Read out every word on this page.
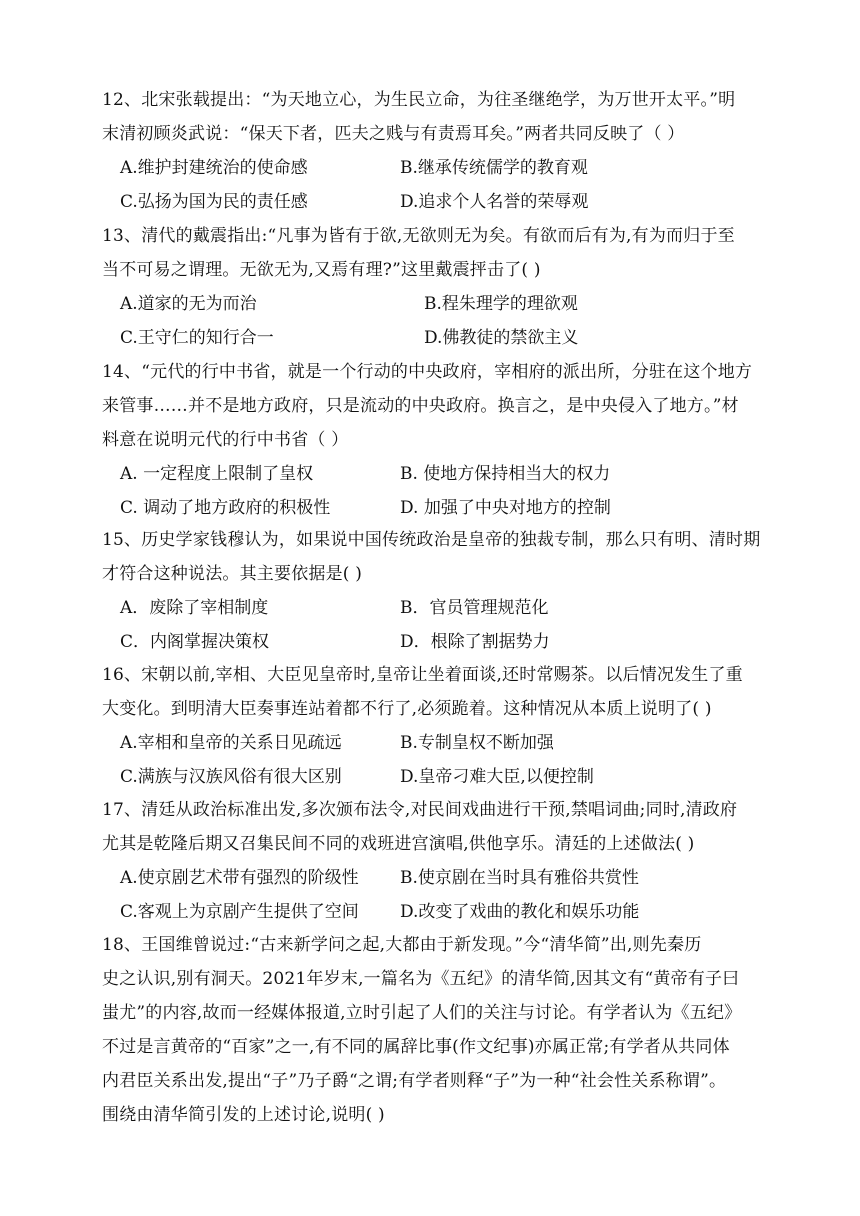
12、北宋张载提出：“为天地立心，为生民立命，为往圣继绝学，为万世开太平。”明
末清初顾炎武说：“保天下者，匹夫之贱与有责焉耳矣。”两者共同反映了（ ）
A.维护封建统治的使命感	B.继承传统儒学的教育观
C.弘扬为国为民的责任感	D.追求个人名誉的荣辱观
13、清代的戴震指出:“凡事为皆有于欲,无欲则无为矣。有欲而后有为,有为而归于至
当不可易之谓理。无欲无为,又焉有理?”这里戴震抨击了( )
A.道家的无为而治	B.程朱理学的理欲观
C.王守仁的知行合一	D.佛教徒的禁欲主义
14、“元代的行中书省，就是一个行动的中央政府，宰相府的派出所，分驻在这个地方
来管事……并不是地方政府，只是流动的中央政府。换言之，是中央侵入了地方。”材
料意在说明元代的行中书省（ ）
A. 一定程度上限制了皇权	B. 使地方保持相当大的权力
C. 调动了地方政府的积极性	D. 加强了中央对地方的控制
15、历史学家钱穆认为，如果说中国传统政治是皇帝的独裁专制，那么只有明、清时期
才符合这种说法。其主要依据是( )
A．废除了宰相制度	B．官员管理规范化
C．内阁掌握决策权	D．根除了割据势力
16、宋朝以前,宰相、大臣见皇帝时,皇帝让坐着面谈,还时常赐茶。以后情况发生了重
大变化。到明清大臣奏事连站着都不行了,必须跪着。这种情况从本质上说明了( )
A.宰相和皇帝的关系日见疏远	B.专制皇权不断加强
C.满族与汉族风俗有很大区别	D.皇帝刁难大臣,以便控制
17、清廷从政治标准出发,多次颁布法令,对民间戏曲进行干预,禁唱词曲;同时,清政府
尤其是乾隆后期又召集民间不同的戏班进宫演唱,供他享乐。清廷的上述做法( )
A.使京剧艺术带有强烈的阶级性 B.使京剧在当时具有雅俗共赏性
C.客观上为京剧产生提供了空间 D.改变了戏曲的教化和娱乐功能
18、王国维曾说过:“古来新学问之起,大都由于新发现。”今“清华简”出,则先秦历
史之认识,别有洞天。2021年岁末,一篇名为《五纪》的清华简,因其文有“黄帝有子曰
蚩尤”的内容,故而一经媒体报道,立时引起了人们的关注与讨论。有学者认为《五纪》
不过是言黄帝的“百家”之一,有不同的属辞比事(作文纪事)亦属正常;有学者从共同体
内君臣关系出发,提出“子”乃子爵“之谓;有学者则释“子”为一种“社会性关系称谓”。
围绕由清华简引发的上述讨论,说明( )
